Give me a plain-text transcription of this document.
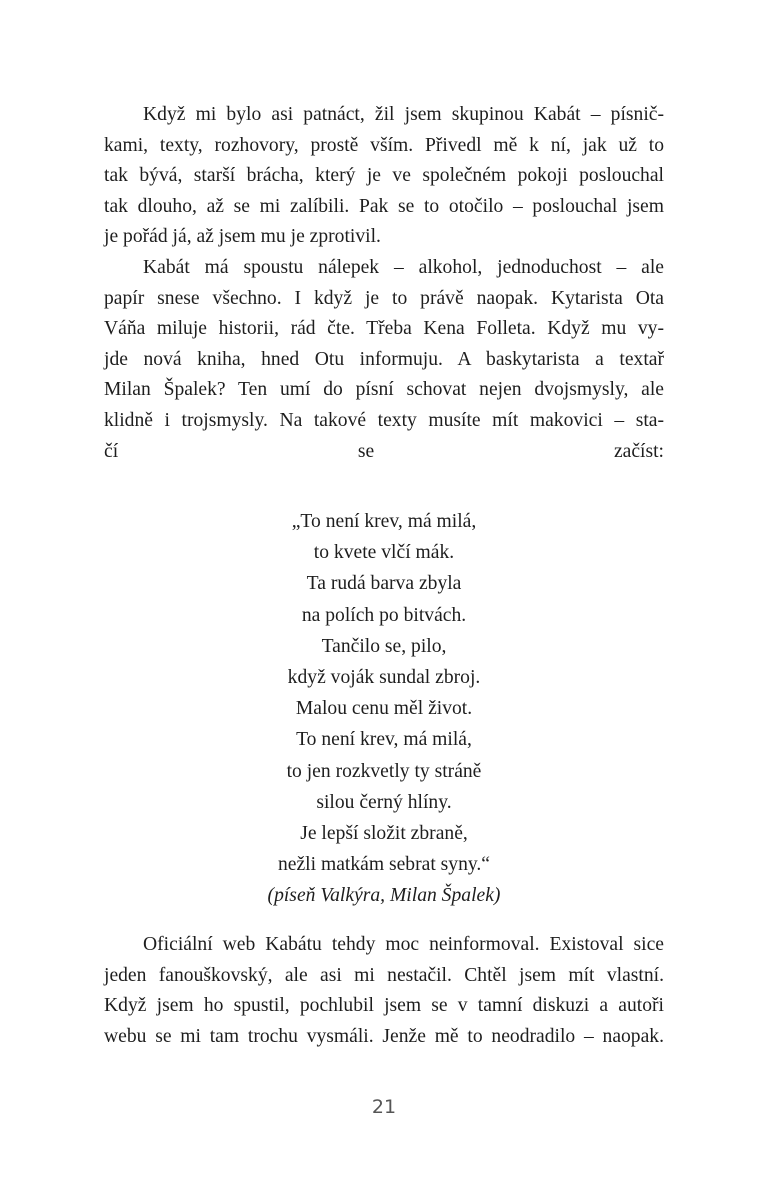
Když mi bylo asi patnáct, žil jsem skupinou Kabát – písnič-
kami, texty, rozhovory, prostě vším. Přivedl mě k ní, jak už to
tak bývá, starší brácha, který je ve společném pokoji poslouchal
tak dlouho, až se mi zalíbili. Pak se to otočilo – poslouchal jsem
je pořád já, až jsem mu je zprotivil.
Kabát má spoustu nálepek – alkohol, jednoduchost – ale
papír snese všechno. I když je to právě naopak. Kytarista Ota
Váňa miluje historii, rád čte. Třeba Kena Folleta. Když mu vy-
jde nová kniha, hned Otu informuju. A baskytarista a textař
Milan Špalek? Ten umí do písní schovat nejen dvojsmysly, ale
klidně i trojsmysly. Na takové texty musíte mít makovici – sta-
čí se začíst:
„To není krev, má milá,
to kvete vlčí mák.
Ta rudá barva zbyla
na polích po bitvách.
Tančilo se, pilo,
když voják sundal zbroj.
Malou cenu měl život.
To není krev, má milá,
to jen rozkvetly ty stráně
silou černý hlíny.
Je lepší složit zbraně,
nežli matkám sebrat syny.“
(píseň Valkýra, Milan Špalek)
Oficiální web Kabátu tehdy moc neinformoval. Existoval sice
jeden fanouškovský, ale asi mi nestačil. Chtěl jsem mít vlastní.
Když jsem ho spustil, pochlubil jsem se v tamní diskuzi a autoři
webu se mi tam trochu vysmáli. Jenže mě to neodradilo – naopak.
21
